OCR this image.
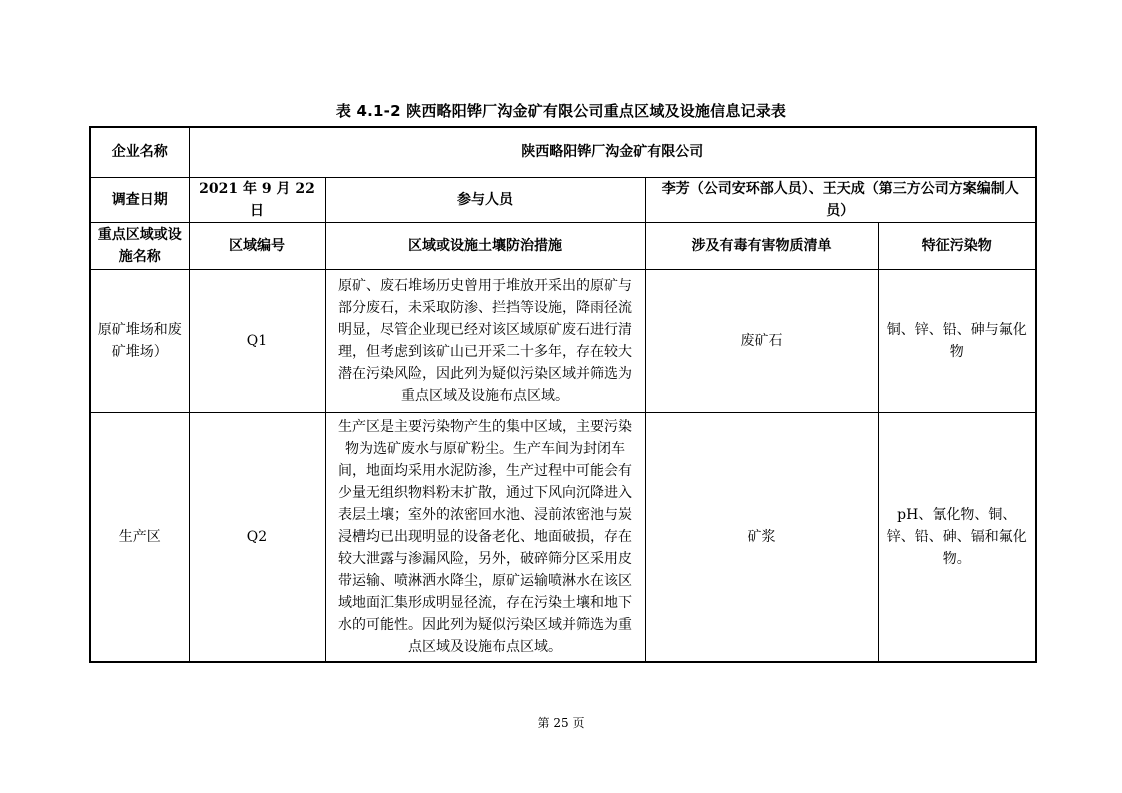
表 4.1-2 陕西略阳铧厂沟金矿有限公司重点区域及设施信息记录表
企业名称	陕西略阳铧厂沟金矿有限公司			
调查日期	2021 年 9 月 22 日	参与人员	李芳（公司安环部人员）、王天成（第三方公司方案编制人员）	
重点区域或设施名称	区域编号	区域或设施土壤防治措施	涉及有毒有害物质清单	特征污染物
原矿堆场和废矿堆场）	Q1	原矿、废石堆场历史曾用于堆放开采出的原矿与部分废石，未采取防渗、拦挡等设施，降雨径流明显，尽管企业现已经对该区域原矿废石进行清理，但考虑到该矿山已开采二十多年，存在较大潜在污染风险，因此列为疑似污染区域并筛选为重点区域及设施布点区域。	废矿石	铜、锌、铅、砷与氟化物
生产区	Q2	生产区是主要污染物产生的集中区域，主要污染物为选矿废水与原矿粉尘。生产车间为封闭车间，地面均采用水泥防渗，生产过程中可能会有少量无组织物料粉末扩散，通过下风向沉降进入表层土壤；室外的浓密回水池、浸前浓密池与炭浸槽均已出现明显的设备老化、地面破损，存在较大泄露与渗漏风险，另外，破碎筛分区采用皮带运输、喷淋洒水降尘，原矿运输喷淋水在该区域地面汇集形成明显径流，存在污染土壤和地下水的可能性。因此列为疑似污染区域并筛选为重点区域及设施布点区域。	矿浆	pH、氰化物、铜、锌、铅、砷、镉和氟化物。
第 25 页
